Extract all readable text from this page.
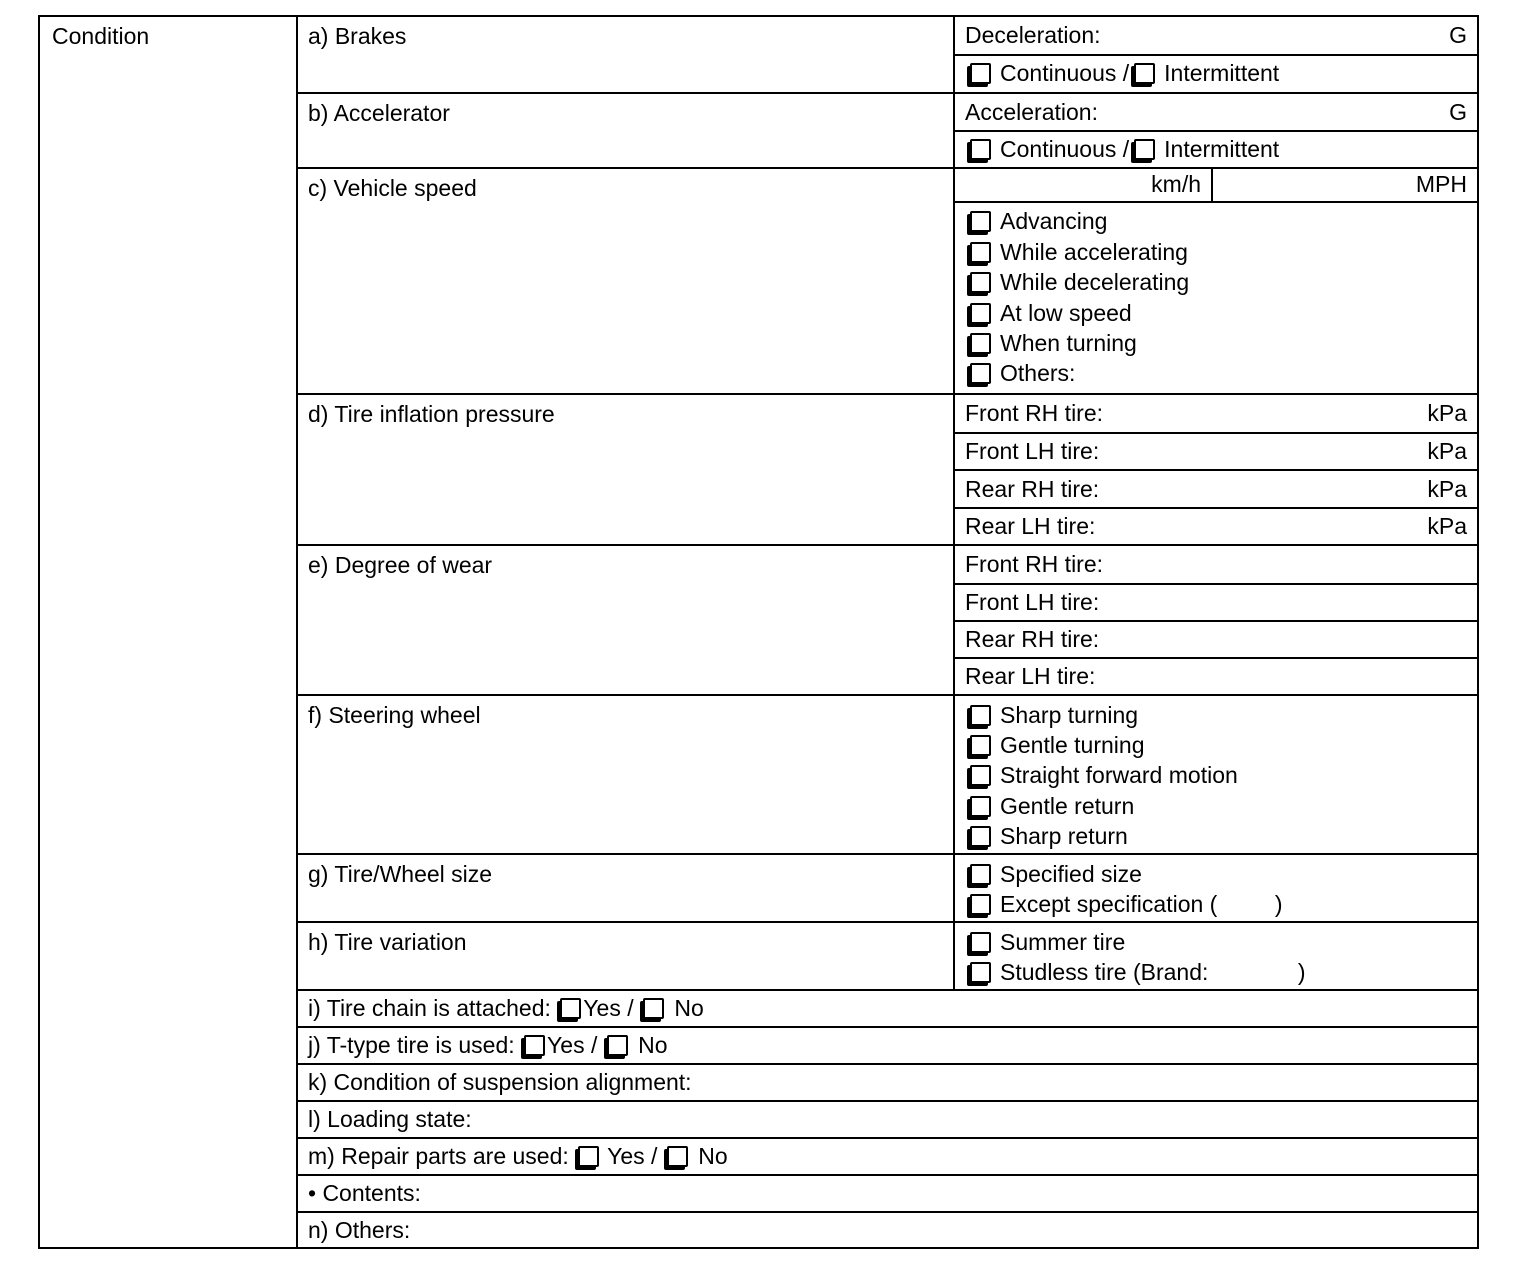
Condition	a) Brakes	Deceleration:	G
Continuous / Intermittent
b) Accelerator	Acceleration:	G
Continuous / Intermittent
c) Vehicle speed	km/h	MPH
Advancing
While accelerating
While decelerating
At low speed
When turning
Others:
d) Tire inflation pressure	Front RH tire:	kPa
Front LH tire:	kPa
Rear RH tire:	kPa
Rear LH tire:	kPa
e) Degree of wear	Front RH tire:
Front LH tire:
Rear RH tire:
Rear LH tire:
f) Steering wheel	Sharp turning
Gentle turning
Straight forward motion
Gentle return
Sharp return
g) Tire/Wheel size	Specified size
Except specification (         )
h) Tire variation	Summer tire
Studless tire (Brand:              )
i) Tire chain is attached: Yes / No
j) T-type tire is used: Yes / No
k) Condition of suspension alignment:
l) Loading state:
m) Repair parts are used: Yes / No
• Contents:
n) Others:
